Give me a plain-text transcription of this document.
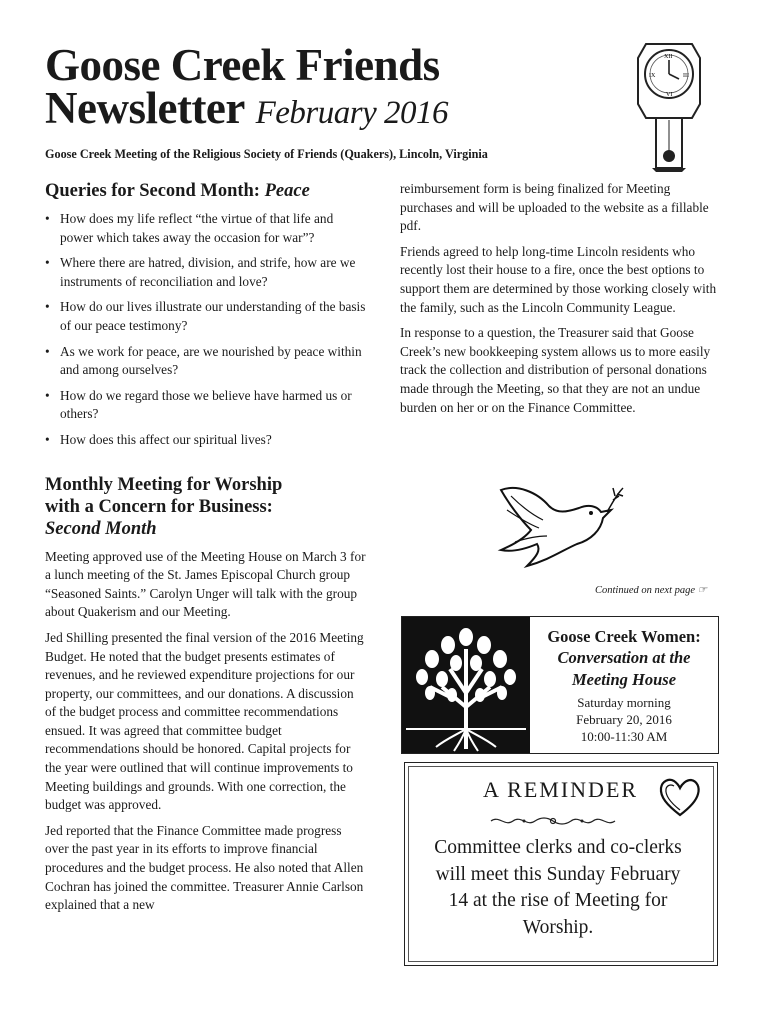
Goose Creek Friends
Newsletter February 2016
Goose Creek Meeting of the Religious Society of Friends (Quakers), Lincoln, Virginia
XII
III
VI
IX
Queries for Second Month: Peace
• How does my life reflect “the virtue of that life and power which takes away the occasion for war”?
• Where there are hatred, division, and strife, how are we instruments of reconciliation and love?
• How do our lives illustrate our understanding of the basis of our peace testimony?
• As we work for peace, are we nourished by peace within and among ourselves?
• How do we regard those we believe have harmed us or others?
• How does this affect our spiritual lives?
Monthly Meeting for Worship
with a Concern for Business:
Second Month

Meeting approved use of the Meeting House on March 3 for a lunch meeting of the St. James Episcopal Church group “Seasoned Saints.” Carolyn Unger will talk with the group about Quakerism and our Meeting.

Jed Shilling presented the final version of the 2016 Meeting Budget. He noted that the budget presents estimates of revenues, and he reviewed expenditure projections for our property, our committees, and our donations. A discussion of the budget process and committee recommendations ensued. It was agreed that committee budget recommendations should be honored. Capital projects for the year were outlined that will continue improvements to Meeting buildings and grounds. With one correction, the budget was approved.

Jed reported that the Finance Committee made progress over the past year in its efforts to improve financial procedures and the budget process. He also noted that Allen Cochran has joined the committee. Treasurer Annie Carlson explained that a new

reimbursement form is being finalized for Meeting purchases and will be uploaded to the website as a fillable pdf.

Friends agreed to help long-time Lincoln residents who recently lost their house to a fire, once the best options to support them are determined by those working closely with the family, such as the Lincoln Community League.

In response to a question, the Treasurer said that Goose Creek’s new bookkeeping system allows us to more easily track the collection and distribution of personal donations made through the Meeting, so that they are not an undue burden on her or on the Finance Committee.

Continued on next page ☞
Goose Creek Women:
Conversation at the Meeting House
Saturday morning
February 20, 2016
10:00-11:30 AM
A REMINDER
Committee clerks and co-clerks will meet this Sunday February 14 at the rise of Meeting for Worship.
